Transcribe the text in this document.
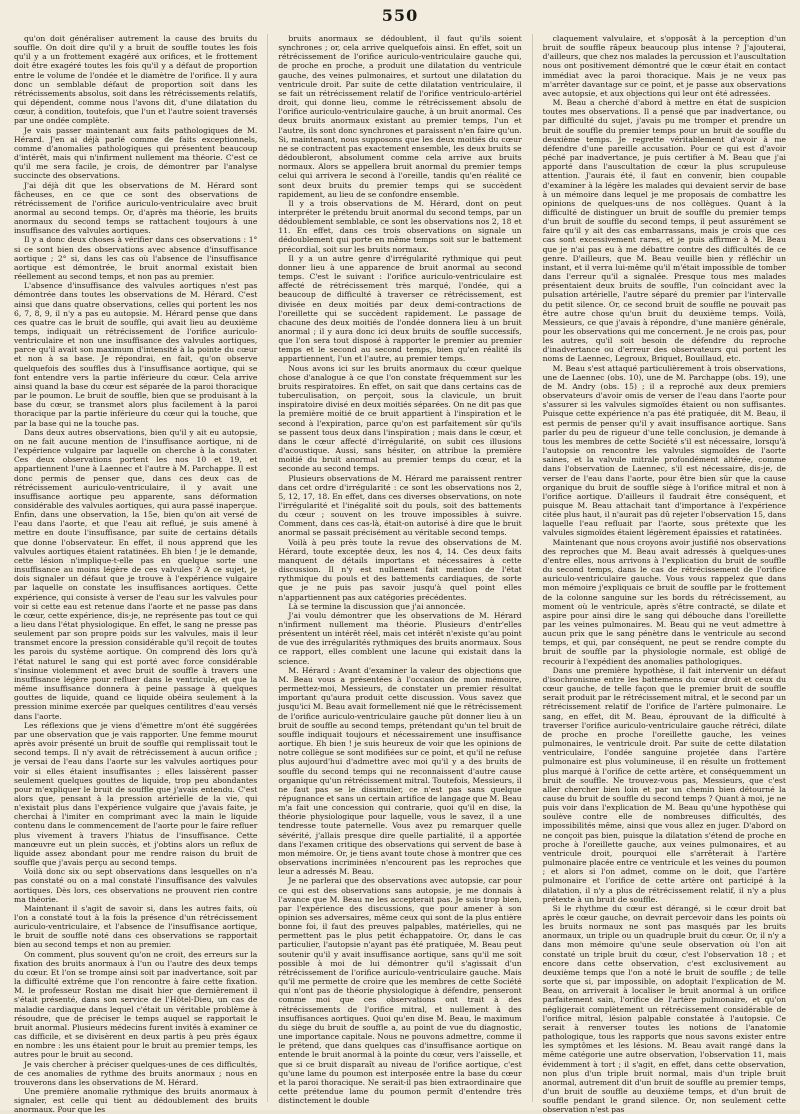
550

qu'on doit généraliser autrement la cause des bruits du souffle. On doit dire qu'il y a bruit de souffle toutes les fois qu'il y a un frottement exagéré aux orifices, et le frottement doit être exagéré toutes les fois qu'il y a défaut de proportion entre le volume de l'ondée et le diamètre de l'orifice. Il y aura donc un semblable défaut de proportion soit dans les rétrécissements absolus, soit dans les rétrécissements relatifs, qui dépendent, comme nous l'avons dit, d'une dilatation du cœur, à condition, toutefois, que l'un et l'autre soient traversés par une ondée complète.

Je vais passer maintenant aux faits pathologiques de M. Hérard. J'en ai déjà parlé comme de faits exceptionnels, comme d'anomalies pathologiques qui présentent beaucoup d'intérêt, mais qui n'infirment nullement ma théorie. C'est ce qu'il me sera facile, je crois, de démontrer par l'analyse succincte des observations.

J'ai déjà dit que les observations de M. Hérard sont fâcheuses, en ce que ce sont des observations de rétrécissement de l'orifice auriculo-ventriculaire avec bruit anormal au second temps. Or, d'après ma théorie, les bruits anormaux du second temps se rattachent toujours à une insuffisance des valvules aortiques.

Il y a donc deux choses à vérifier dans ces observations : 1° si ce sont bien des observations avec absence d'insuffisance aortique ; 2° si, dans les cas où l'absence de l'insuffisance aortique est démontrée, le bruit anormal existait bien réellement au second temps, et non pas au premier.

L'absence d'insuffisance des valvules aortiques n'est pas démontrée dans toutes les observations de M. Hérard. C'est ainsi que dans quatre observations, celles qui portent les nos 6, 7, 8, 9, il n'y a pas eu autopsie. M. Hérard pense que dans ces quatre cas le bruit de souffle, qui avait lieu au deuxième temps, indiquait un rétrécissement de l'orifice auriculo-ventriculaire et non une insuffisance des valvules aortiques, parce qu'il avait son maximum d'intensité à la pointe du cœur et non à sa base. Je répondrai, en fait, qu'on observe quelquefois des souffles dus à l'insuffisance aortique, qui se font entendre vers la partie inférieure du cœur. Cela arrive ainsi quand la base du cœur est séparée de la paroi thoracique par le poumon. Le bruit de souffle, bien que se produisant à la base du cœur, se transmet alors plus facilement à la paroi thoracique par la partie inférieure du cœur qui la touche, que par la base qui ne la touche pas.

Dans deux autres observations, bien qu'il y ait eu autopsie, on ne fait aucune mention de l'insuffisance aortique, ni de l'expérience vulgaire par laquelle on cherche à la constater. Ces deux observations portent les nos 10 et 19, et appartiennent l'une à Laennec et l'autre à M. Parchappe. Il est donc permis de penser que, dans ces deux cas de rétrécissement auriculo-ventriculaire, il y avait une insuffisance aortique peu apparente, sans déformation considérable des valvules aortiques, qui aura passé inaperçue. Enfin, dans une observation, la 15e, bien qu'on ait versé de l'eau dans l'aorte, et que l'eau ait reflué, je suis amené à mettre en doute l'insuffisance, par suite de certains détails que donne l'observateur. En effet, il nous apprend que les valvules aortiques étaient ratatinées. Eh bien ! je le demande, cette lésion n'implique-t-elle pas en quelque sorte une insuffisance au moins légère de ces valvules ? A ce sujet, je dois signaler un défaut que je trouve à l'expérience vulgaire par laquelle on constate les insuffisances aortiques. Cette expérience, qui consiste à verser de l'eau sur les valvules pour voir si cette eau est retenue dans l'aorte et ne passe pas dans le cœur, cette expérience, dis-je, ne représente pas tout ce qui a lieu dans l'état physiologique. En effet, le sang ne presse pas seulement par son propre poids sur les valvules, mais il leur transmet encore la pression considérable qu'il reçoit de toutes les parois du système aortique. On comprend dès lors qu'à l'état naturel le sang qui est porté avec force considérable s'insinue violemment et avec bruit de souffle à travers une insuffisance légère pour refluer dans le ventricule, et que la même insuffisance donnera à peine passage à quelques gouttes de liquide, quand ce liquide obéira seulement à la pression minime exercée par quelques centilitres d'eau versés dans l'aorte.

Les réflexions que je viens d'émettre m'ont été suggérées par une observation que je vais rapporter. Une femme mourut après avoir présenté un bruit de souffle qui remplissait tout le second temps. Il n'y avait de rétrécissement à aucun orifice ; je versai de l'eau dans l'aorte sur les valvules aortiques pour voir si elles étaient insuffisantes ; elles laissèrent passer seulement quelques gouttes de liquide, trop peu abondantes pour m'expliquer le bruit de souffle que j'avais entendu. C'est alors que, pensant à la pression artérielle de la vie, qui n'existait plus dans l'expérience vulgaire que j'avais faite, je cherchai à l'imiter en comprimant avec la main le liquide contenu dans le commencement de l'aorte pour le faire refluer plus vivement à travers l'hiatus de l'insuffisance. Cette manœuvre eut un plein succès, et j'obtins alors un reflux de liquide assez abondant pour me rendre raison du bruit de souffle que j'avais perçu au second temps.

Voilà donc six ou sept observations dans lesquelles on n'a pas constaté ou on a mal constaté l'insuffisance des valvules aortiques. Dès lors, ces observations ne prouvent rien contre ma théorie.

Maintenant il s'agit de savoir si, dans les autres faits, où l'on a constaté tout à la fois la présence d'un rétrécissement auriculo-ventriculaire, et l'absence de l'insuffisance aortique, le bruit de souffle noté dans ces observations se rapportait bien au second temps et non au premier.

On comment, plus souvent qu'on ne croit, des erreurs sur la fixation des bruits anormaux à l'un ou l'autre des deux temps du cœur. Et l'on se trompe ainsi soit par inadvertance, soit par la difficulté extrême que l'on rencontre à faire cette fixation. M. le professeur Rostan me disait hier que dernièrement il s'était présenté, dans son service de l'Hôtel-Dieu, un cas de maladie cardiaque dans lequel c'était un véritable problème à résoudre, que de préciser le temps auquel se rapportait le bruit anormal. Plusieurs médecins furent invités à examiner ce cas difficile, et se divisèrent en deux partis à peu près égaux en nombre : les uns étaient pour le bruit au premier temps, les autres pour le bruit au second.

Je vais chercher à préciser quelques-unes de ces difficultés, de ces anomalies de rythme des bruits anormaux ; nous en trouverons dans les observations de M. Hérard.

Une première anomalie rythmique des bruits anormaux à signaler, est celle qui tient au dédoublement des bruits anormaux. Pour que les

bruits anormaux se dédoublent, il faut qu'ils soient synchrones ; or, cela arrive quelquefois ainsi. En effet, soit un rétrécissement de l'orifice auriculo-ventriculaire gauche qui, de proche en proche, a produit une dilatation du ventricule gauche, des veines pulmonaires, et surtout une dilatation du ventricule droit. Par suite de cette dilatation ventriculaire, il se fait un rétrécissement relatif de l'orifice ventriculo-artériel droit, qui donne lieu, comme le rétrécissement absolu de l'orifice auriculo-ventriculaire gauche, à un bruit anormal. Ces deux bruits anormaux existant au premier temps, l'un et l'autre, ils sont donc synchrones et paraissent n'en faire qu'un. Si, maintenant, nous supposons que les deux moitiés du cœur ne se contractent pas exactement ensemble, les deux bruits se dédoubleront, absolument comme cela arrive aux bruits normaux. Alors se appellera bruit anormal du premier temps celui qui arrivera le second à l'oreille, tandis qu'en réalité ce sont deux bruits du premier temps qui se succèdent rapidement, au lieu de se confondre ensemble.

Il y a trois observations de M. Hérard, dont on peut interpréter le prétendu bruit anormal du second temps, par un dédoublement semblable, ce sont les observations nos 2, 18 et 11. En effet, dans ces trois observations on signale un dédoublement qui porte en même temps soit sur le battement précordial, soit sur les bruits normaux.

Il y a un autre genre d'irrégularité rythmique qui peut donner lieu à une apparence de bruit anormal au second temps. C'est le suivant : l'orifice auriculo-ventriculaire est affecté de rétrécissement très marqué, l'ondée, qui a beaucoup de difficulté à traverser ce rétrécissement, est divisée en deux moitiés par deux demi-contractions de l'oreillette qui se succèdent rapidement. Le passage de chacune des deux moitiés de l'ondée donnera lieu à un bruit anormal ; il y aura donc ici deux bruits de souffle successifs, que l'on sera tout disposé à rapporter le premier au premier temps et le second au second temps, bien qu'en réalité ils appartiennent, l'un et l'autre, au premier temps.

Nous avons ici sur les bruits anormaux du cœur quelque chose d'analogue à ce que l'on constate fréquemment sur les bruits respiratoires. En effet, on sait que dans certains cas de tuberculisation, on perçoit, sous la clavicule, un bruit inspiratoire divisé en deux moitiés séparées. On ne dit pas que la première moitié de ce bruit appartient à l'inspiration et le second à l'expiration, parce qu'on est parfaitement sûr qu'ils se passent tous deux dans l'inspiration ; mais dans le cœur, et dans le cœur affecté d'irrégularité, on subit ces illusions d'acoustique. Aussi, sans hésiter, on attribue la première moitié du bruit anormal au premier temps du cœur, et la seconde au second temps.

Plusieurs observations de M. Hérard me paraissent rentrer dans cet ordre d'irrégularité : ce sont les observations nos 2, 5, 12, 17, 18. En effet, dans ces diverses observations, on note l'irrégularité et l'inégalité soit du pouls, soit des battements du cœur ; souvent on les trouve impossibles à suivre. Comment, dans ces cas-là, était-on autorisé à dire que le bruit anormal se passait précisément au véritable second temps.

Voilà à peu près toute la revue des observations de M. Hérard, toute exceptée deux, les nos 4, 14. Ces deux faits manquent de détails importans et nécessaires à cette discussion. Il n'y est nullement fait mention de l'état rythmique du pouls et des battements cardiaques, de sorte que je ne puis pas savoir jusqu'à quel point elles n'appartiennent pas aux catégories précédentes.

Là se termine la discussion que j'ai annoncée.

J'ai voulu démontrer que les observations de M. Hérard n'infirment nullement ma théorie. Plusieurs d'entr'elles présentent un intérêt réel, mais cet intérêt n'existe qu'au point de vue des irrégularités rythmiques des bruits anormaux. Sous ce rapport, elles comblent une lacune qui existait dans la science.

M. Hérard : Avant d'examiner la valeur des objections que M. Beau vous a présentées à l'occasion de mon mémoire, permettez-moi, Messieurs, de constater un premier résultat important qu'aura produit cette discussion. Vous savez que jusqu'ici M. Beau avait formellement nié que le rétrécissement de l'orifice auriculo-ventriculaire gauche pût donner lieu à un bruit de souffle au second temps, prétendant qu'un tel bruit de souffle indiquait toujours et nécessairement une insuffisance aortique. Eh bien ! je suis heureux de voir que les opinions de notre collègue se sont modifiées sur ce point, et qu'il ne refuse plus aujourd'hui d'admettre avec moi qu'il y a des bruits de souffle du second temps qui ne reconnaissent d'autre cause organique qu'un rétrécissement mitral. Toutefois, Messieurs, il ne faut pas se le dissimuler, ce n'est pas sans quelque répugnance et sans un certain artifice de langage que M. Beau m'a fait une concession qui contrarie, quoi qu'il en dise, la théorie physiologique pour laquelle, vous le savez, il a une tendresse toute paternelle. Vous avez pu remarquer quelle sévérité, j'allais presque dire quelle partialité, il a apportée dans l'examen critique des observations qui servent de base à mon mémoire. Or, je tiens avant toute chose à montrer que ces observations incriminées n'encourent pas les reproches que leur a adressés M. Beau.

Je ne parlerai que des observations avec autopsie, car pour ce qui est des observations sans autopsie, je me donnais à l'avance que M. Beau ne les accepterait pas. Je suis trop bien, par l'expérience des discussions, que pour amener à son opinion ses adversaires, même ceux qui sont de la plus entière bonne foi, il faut des preuves palpables, matérielles, qui ne permettent pas le plus petit échappatoire. Or, dans le cas particulier, l'autopsie n'ayant pas été pratiquée, M. Beau peut soutenir qu'il y avait insuffisance aortique, sans qu'il me soit possible à moi de lui démontrer qu'il s'agissait d'un rétrécissement de l'orifice auriculo-ventriculaire gauche. Mais qu'il me permette de croire que les membres de cette Société qui n'ont pas de théorie physiologique à défendre, penseront comme moi que ces observations ont trait à des rétrécissements de l'orifice mitral, et nullement à des insuffisances aortiques. Quoi qu'en dise M. Beau, le maximum du siège du bruit de souffle a, au point de vue du diagnostic, une importance capitale. Nous ne pouvons admettre, comme il le prétend, que dans quelques cas d'insuffisance aortique on entende le bruit anormal à la pointe du cœur, vers l'aisselle, et que si ce bruit disparaît au niveau de l'orifice aortique, c'est qu'une lame du poumon est interposée entre la base du cœur et la paroi thoracique. Ne serait-il pas bien extraordinaire que cette prétendue lame du poumon permît d'entendre très distinctement le double

claquement valvulaire, et s'opposât à la perception d'un bruit de souffle râpeux beaucoup plus intense ? J'ajouterai, d'ailleurs, que chez nos malades la percussion et l'auscultation nous ont positivement démontré que le cœur était en contact immédiat avec la paroi thoracique. Mais je ne veux pas m'arrêter davantage sur ce point, et je passe aux observations avec autopsie, et aux objections qui leur ont été adressées.

M. Beau a cherché d'abord à mettre en état de suspicion toutes mes observations. Il a pensé que par inadvertance, ou par difficulté du sujet, j'avais pu me tromper et prendre un bruit de souffle du premier temps pour un bruit de souffle du deuxième temps. Je regrette véritablement d'avoir à me défendre d'une pareille accusation. Pour ce qui est d'avoir péché par inadvertance, je puis certifier à M. Beau que j'ai apporté dans l'auscultation de cœur la plus scrupuleuse attention. J'aurais été, il faut en convenir, bien coupable d'examiner à la légère les malades qui devaient servir de base à un mémoire dans lequel je me proposais de combattre les opinions de quelques-uns de nos collègues. Quant à la difficulté de distinguer un bruit de souffle du premier temps d'un bruit de souffle du second temps, il peut assurément se faire qu'il y ait des cas embarrassans, mais je crois que ces cas sont excessivement rares, et je puis affirmer à M. Beau que je n'ai pas eu à me débattre contre des difficultés de ce genre. D'ailleurs, que M. Beau veuille bien y réfléchir un instant, et il verra lui-même qu'il m'était impossible de tomber dans l'erreur qu'il a signalée. Presque tous mes malades présentaient deux bruits de souffle, l'un coïncidant avec la pulsation artérielle, l'autre séparé du premier par l'intervalle du petit silence. Or, ce second bruit de souffle ne pouvait pas être autre chose qu'un bruit du deuxième temps. Voilà, Messieurs, ce que j'avais à répondre, d'une manière générale, pour les observations qui me concernent. Je ne crois pas, pour les autres, qu'il soit besoin de défendre du reproche d'inadvertance ou d'erreur des observateurs qui portent les noms de Laennec, Legroux, Briquet, Bouillaud, etc.

M. Beau s'est attaqué particulièrement à trois observations, une de Laennec (obs. 10), une de M. Parchappe (obs. 19), une de M. Andry (obs. 15) ; il a reproché aux deux premiers observateurs d'avoir omis de verser de l'eau dans l'aorte pour s'assurer si les valvules sigmoïdes étaient ou non suffisantes. Puisque cette expérience n'a pas été pratiquée, dit M. Beau, il est permis de penser qu'il y avait insuffisance aortique. Sans parler du peu de rigueur d'une telle conclusion, je demande à tous les membres de cette Société s'il est nécessaire, lorsqu'à l'autopsie on rencontre les valvules sigmoïdes de l'aorte saines, et la valvule mitrale profondément altérée, comme dans l'observation de Laennec, s'il est nécessaire, dis-je, de verser de l'eau dans l'aorte, pour être bien sûr que la cause organique du bruit de souffle siège à l'orifice mitral et non à l'orifice aortique. D'ailleurs il faudrait être conséquent, et puisque M. Beau attachait tant d'importance à l'expérience citée plus haut, il n'aurait pas dû rejeter l'observation 15, dans laquelle l'eau refluait par l'aorte, sous prétexte que les valvules sigmoïdes étaient légèrement épaissies et ratatinées.

Maintenant que nous croyons avoir justifié nos observations des reproches que M. Beau avait adressés à quelques-unes d'entre elles, nous arrivons à l'explication du bruit de souffle du second temps, dans le cas de rétrécissement de l'orifice auriculo-ventriculaire gauche. Vous vous rappelez que dans mon mémoire j'expliquais ce bruit de souffle par le frottement de la colonne sanguine sur les bords du rétrécissement, au moment où le ventricule, après s'être contracté, se dilate et aspire pour ainsi dire le sang qui débouche dans l'oreillette par les veines pulmonaires. M. Beau qui ne veut admettre à aucun prix que le sang pénètre dans le ventricule au second temps, et qui, par conséquent, ne peut se rendre compte du bruit de souffle par la physiologie normale, est obligé de recourir à l'expédient des anomalies pathologiques.

Dans une première hypothèse, il fait intervenir un défaut d'isochronisme entre les battemens du cœur droit et ceux du cœur gauche, de telle façon que le premier bruit de souffle serait produit par le rétrécissement mitral, et le second par un rétrécissement relatif de l'orifice de l'artère pulmonaire. Le sang, en effet, dit M. Beau, éprouvant de la difficulté à traverser l'orifice auriculo-ventriculaire gauche rétréci, dilate de proche en proche l'oreillette gauche, les veines pulmonaires, le ventricule droit. Par suite de cette dilatation ventriculaire, l'ondée sanguine projetée dans l'artère pulmonaire est plus volumineuse, il en résulte un frottement plus marqué à l'orifice de cette artère, et conséquemment un bruit de souffle. Ne trouvez-vous pas, Messieurs, que c'est aller chercher bien loin et par un chemin bien détourné la cause du bruit de souffle du second temps ? Quant à moi, je ne puis voir dans l'explication de M. Beau qu'une hypothèse qui soulève contre elle de nombreuses difficultés, des impossibilités même, ainsi que vous allez en juger. D'abord on ne conçoit pas bien, puisque la dilatation s'étend de proche en proche à l'oreillette gauche, aux veines pulmonaires, et au ventricule droit, pourquoi elle s'arrêterait à l'artère pulmonaire placée entre ce ventricule et les veines du poumon ; et alors si l'on admet, comme on le doit, que l'artère pulmonaire et l'orifice de cette artère ont participé à la dilatation, il n'y a plus de rétrécissement relatif, il n'y a plus prétexte à un bruit de souffle.

Si le rhythme du cœur est dérangé, si le cœur droit bat après le cœur gauche, on devrait percevoir dans les points où les bruits normaux ne sont pas masqués par les bruits anormaux, un triple ou un quadruple bruit du cœur. Or, il n'y a dans mon mémoire qu'une seule observation où l'on ait constaté un triple bruit du cœur, c'est l'observation 18 ; et encore dans cette observation, c'est exclusivement au deuxième temps que l'on a noté le bruit de souffle ; de telle sorte que si, par impossible, on adoptait l'explication de M. Beau, on arriverait à localiser le bruit anormal à un orifice parfaitement sain, l'orifice de l'artère pulmonaire, et qu'on négligerait complètement un rétrécissement considérable de l'orifice mitral, lésion palpable constatée à l'autopsie. Ce serait à renverser toutes les notions de l'anatomie pathologique, tous les rapports que nous savons exister entre les symptômes et les lésions. M. Beau avait rangé dans la même catégorie une autre observation, l'observation 11, mais évidemment à tort ; il s'agit, en effet, dans cette observation, non plus d'un triple bruit normal, mais d'un triple bruit anormal, autrement dit d'un bruit de souffle au premier temps, d'un bruit de souffle au deuxième temps, et d'un bruit de souffle pendant le grand silence. Or, non seulement cette observation n'est pas
